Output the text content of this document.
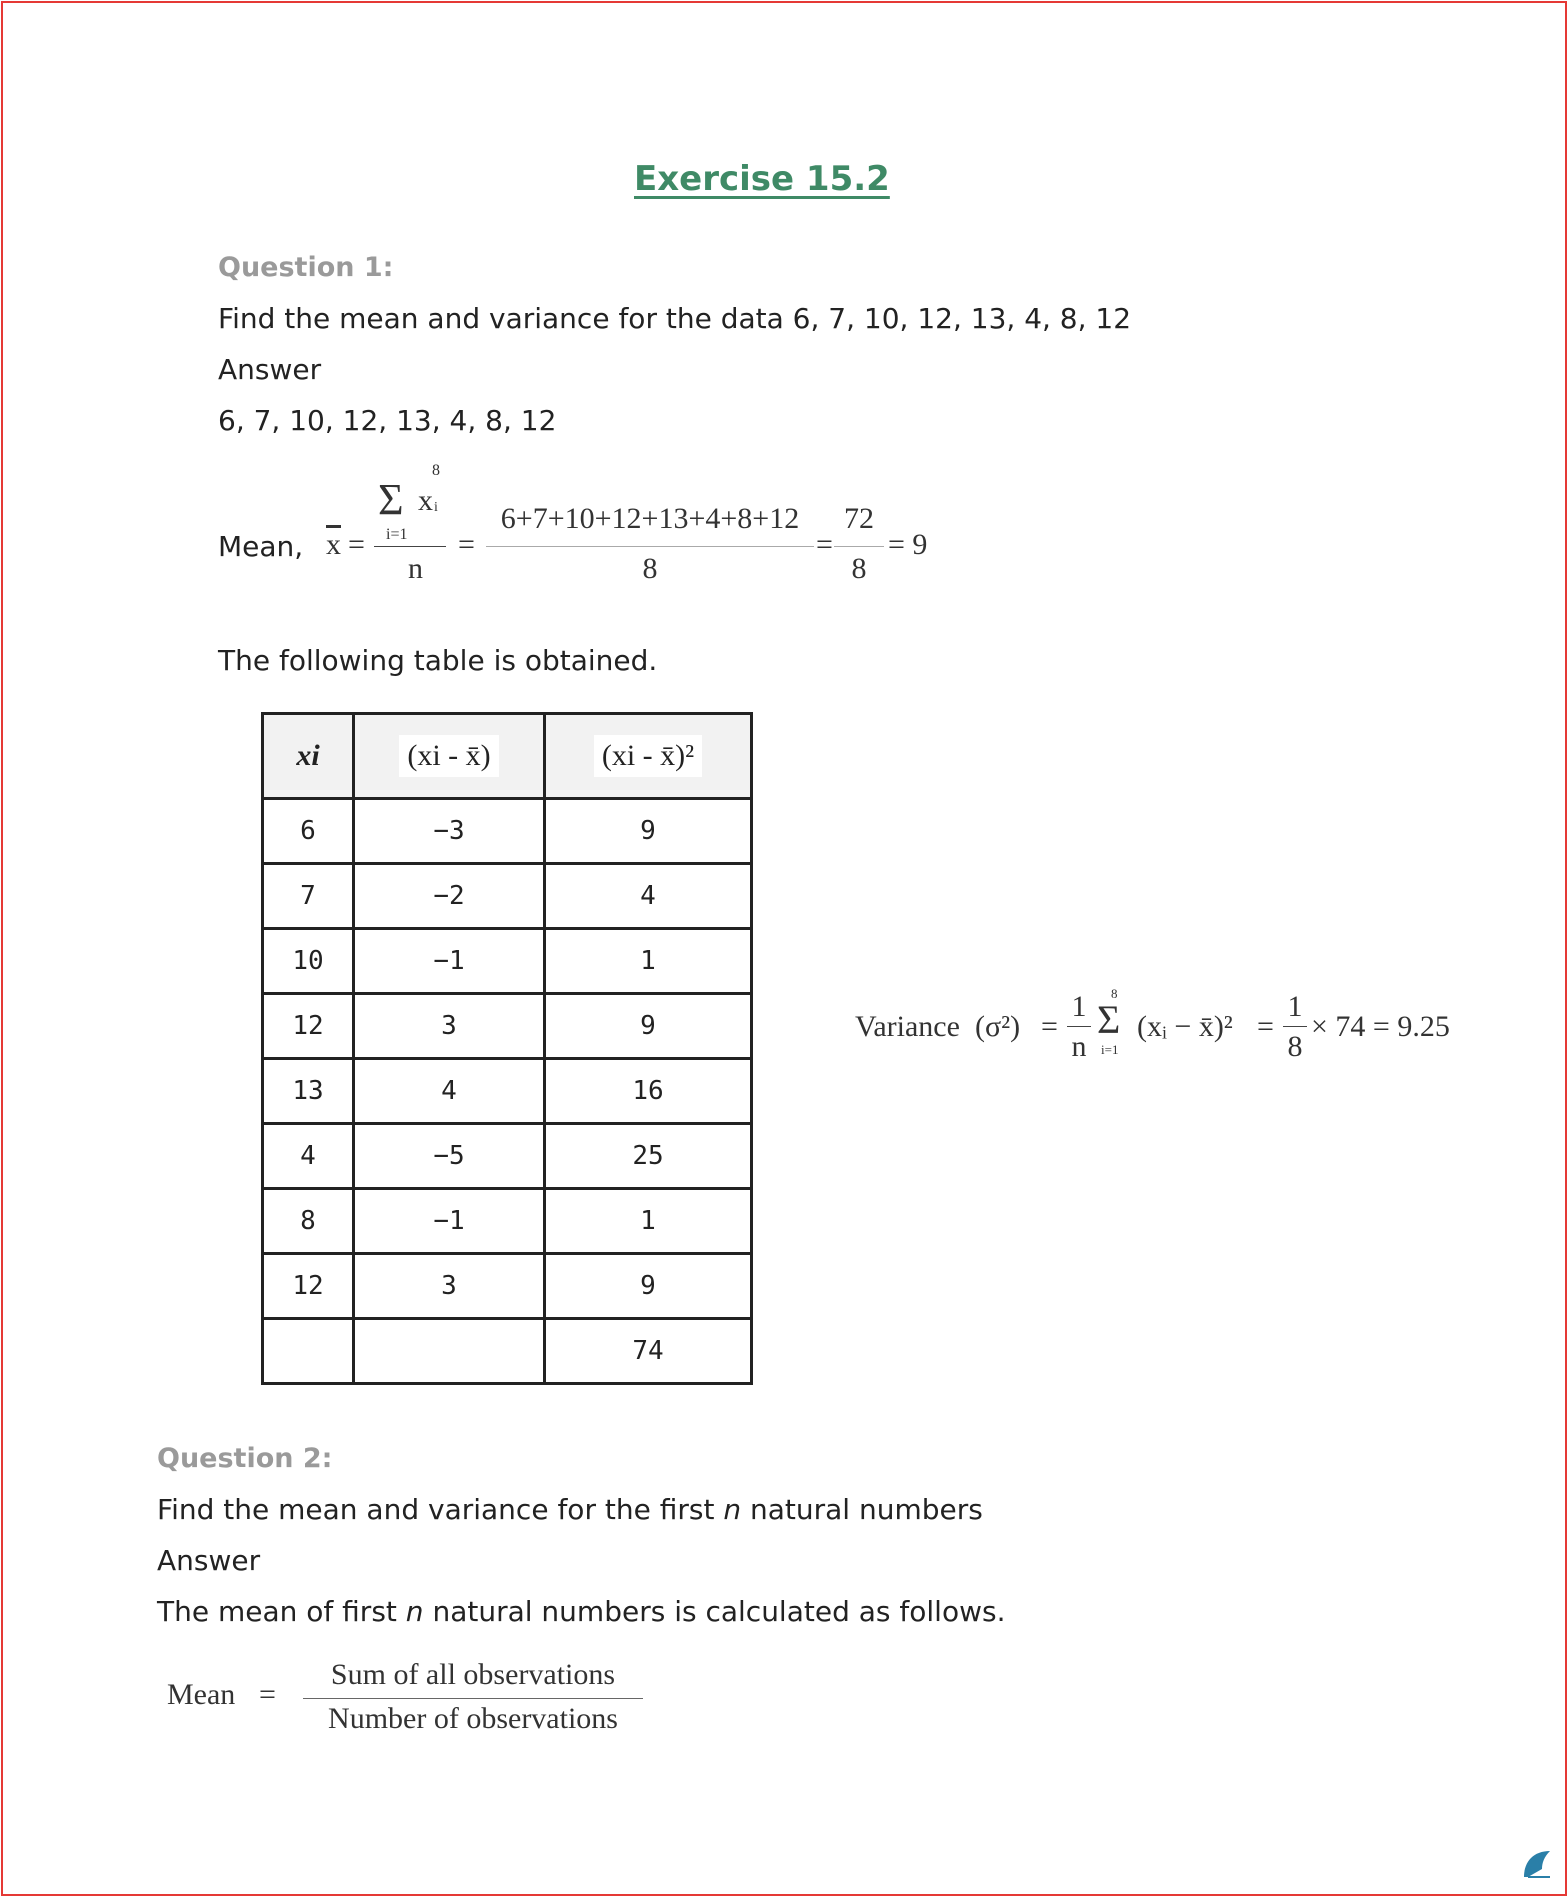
Exercise 15.2
Question 1:
Find the mean and variance for the data 6, 7, 10, 12, 13, 4, 8, 12
Answer
6, 7, 10, 12, 13, 4, 8, 12
Mean, $\overline{x}$ =
8
Σ x i
i=1
n
=
6+7+10+12+13+4+8+12
8
=
72
8
= 9
The following table is obtained.
xi	(xi - x̄)	(xi - x̄)²
6	−3	9
7	−2	4
10	−1	1
12	3	9
13	4	16
4	−5	25
8	−1	1
12	3	9
		74
Variance (σ²) =
1
n
8
Σ
i=1
(xᵢ − x̄)² =
1
8
× 74 = 9.25
Question 2:
Find the mean and variance for the first n natural numbers
Answer
The mean of first n natural numbers is calculated as follows.
Mean =
Sum of all observations
Number of observations
